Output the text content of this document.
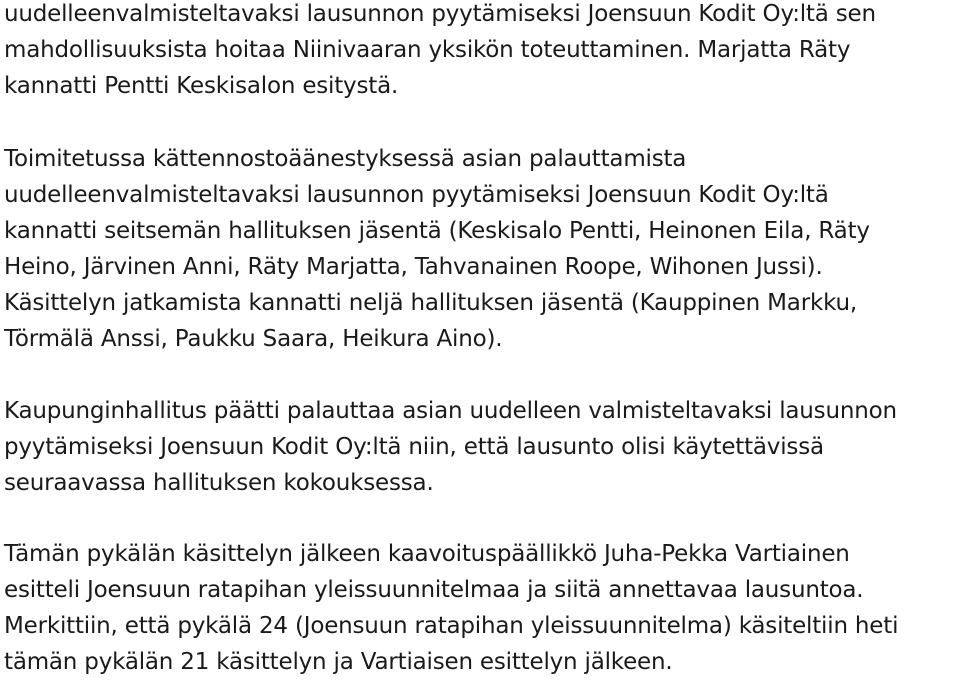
uudelleenvalmisteltavaksi lausunnon pyytämiseksi Joensuun Kodit Oy:ltä sen
mahdollisuuksista hoitaa Niinivaaran yksikön toteuttaminen. Marjatta Räty
kannatti Pentti Keskisalon esitystä.
Toimitetussa kättennostoäänestyksessä asian palauttamista
uudelleenvalmisteltavaksi lausunnon pyytämiseksi Joensuun Kodit Oy:ltä
kannatti seitsemän hallituksen jäsentä (Keskisalo Pentti, Heinonen Eila, Räty
Heino, Järvinen Anni, Räty Marjatta, Tahvanainen Roope, Wihonen Jussi).
Käsittelyn jatkamista kannatti neljä hallituksen jäsentä (Kauppinen Markku,
Törmälä Anssi, Paukku Saara, Heikura Aino).
Kaupunginhallitus päätti palauttaa asian uudelleen valmisteltavaksi lausunnon
pyytämiseksi Joensuun Kodit Oy:ltä niin, että lausunto olisi käytettävissä
seuraavassa hallituksen kokouksessa.
Tämän pykälän käsittelyn jälkeen kaavoituspäällikkö Juha-Pekka Vartiainen
esitteli Joensuun ratapihan yleissuunnitelmaa ja siitä annettavaa lausuntoa.
Merkittiin, että pykälä 24 (Joensuun ratapihan yleissuunnitelma) käsiteltiin heti
tämän pykälän 21 käsittelyn ja Vartiaisen esittelyn jälkeen.
